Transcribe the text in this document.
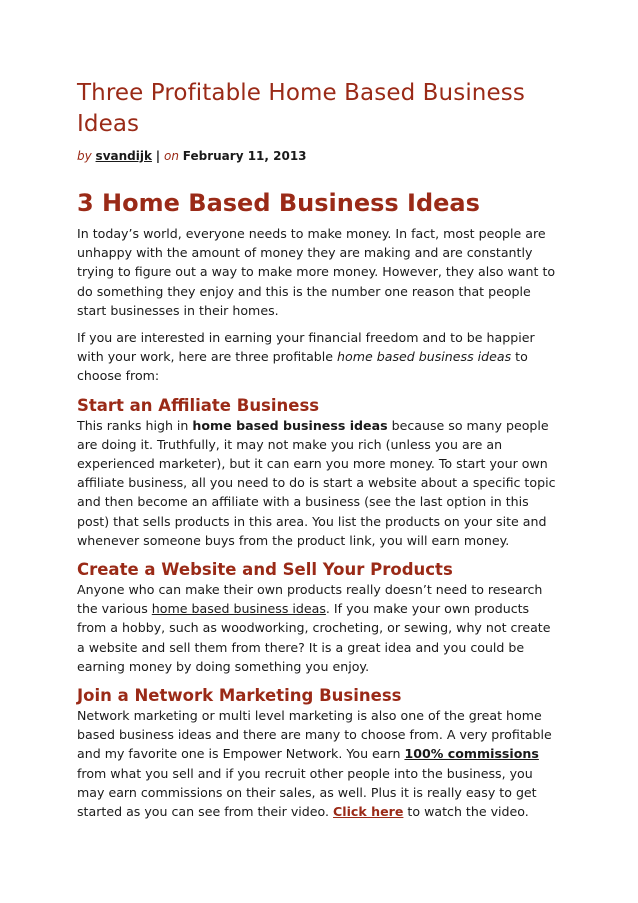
Three Profitable Home Based Business Ideas
by svandijk | on February 11, 2013
3 Home Based Business Ideas

In today’s world, everyone needs to make money. In fact, most people are unhappy with the amount of money they are making and are constantly trying to figure out a way to make more money. However, they also want to do something they enjoy and this is the number one reason that people start businesses in their homes.

If you are interested in earning your financial freedom and to be happier with your work, here are three profitable home based business ideas to choose from:

Start an Affiliate Business

This ranks high in home based business ideas because so many people are doing it. Truthfully, it may not make you rich (unless you are an experienced marketer), but it can earn you more money. To start your own affiliate business, all you need to do is start a website about a specific topic and then become an affiliate with a business (see the last option in this post) that sells products in this area. You list the products on your site and whenever someone buys from the product link, you will earn money.

Create a Website and Sell Your Products

Anyone who can make their own products really doesn’t need to research the various home based business ideas. If you make your own products from a hobby, such as woodworking, crocheting, or sewing, why not create a website and sell them from there? It is a great idea and you could be earning money by doing something you enjoy.

Join a Network Marketing Business

Network marketing or multi level marketing is also one of the great home based business ideas and there are many to choose from. A very profitable and my favorite one is Empower Network. You earn 100% commissions from what you sell and if you recruit other people into the business, you may earn commissions on their sales, as well. Plus it is really easy to get started as you can see from their video. Click here to watch the video.
